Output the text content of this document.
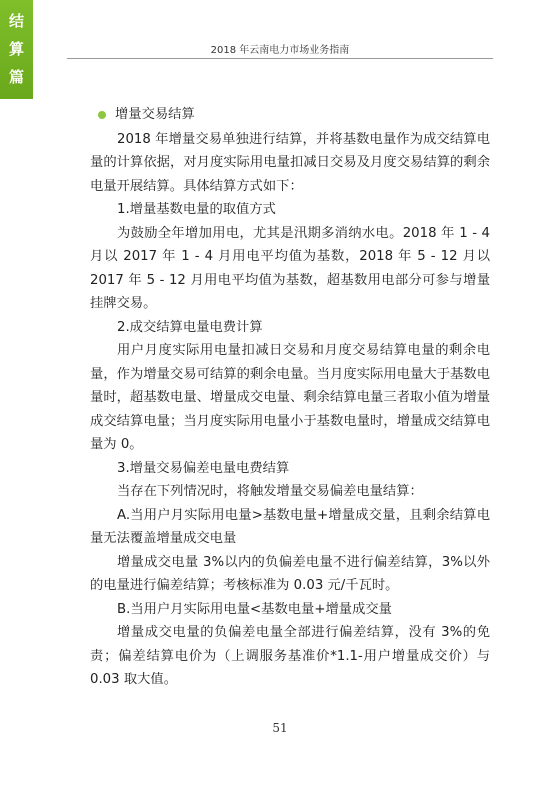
结
算
篇
2018 年云南电力市场业务指南
增量交易结算

2018 年增量交易单独进行结算，并将基数电量作为成交结算电量的计算依据，对月度实际用电量扣减日交易及月度交易结算的剩余电量开展结算。具体结算方式如下：

1.增量基数电量的取值方式

为鼓励全年增加用电，尤其是汛期多消纳水电。2018 年 1 - 4 月以 2017 年 1 - 4 月用电平均值为基数，2018 年 5 - 12 月以 2017 年 5 - 12 月用电平均值为基数，超基数用电部分可参与增量挂牌交易。

2.成交结算电量电费计算

用户月度实际用电量扣减日交易和月度交易结算电量的剩余电量，作为增量交易可结算的剩余电量。当月度实际用电量大于基数电量时，超基数电量、增量成交电量、剩余结算电量三者取小值为增量成交结算电量；当月度实际用电量小于基数电量时，增量成交结算电量为 0。

3.增量交易偏差电量电费结算

当存在下列情况时，将触发增量交易偏差电量结算：

A.当用户月实际用电量>基数电量+增量成交量，且剩余结算电量无法覆盖增量成交电量

增量成交电量 3%以内的负偏差电量不进行偏差结算，3%以外的电量进行偏差结算；考核标准为 0.03 元/千瓦时。

B.当用户月实际用电量<基数电量+增量成交量

增量成交电量的负偏差电量全部进行偏差结算，没有 3%的免责；偏差结算电价为（上调服务基准价*1.1-用户增量成交价）与 0.03 取大值。

51
